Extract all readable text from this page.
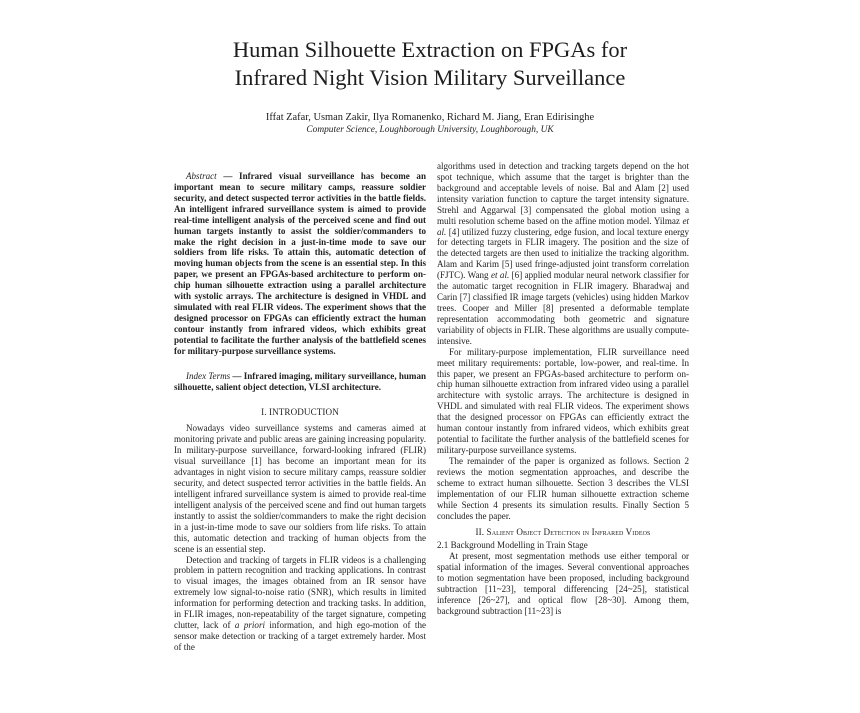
Human Silhouette Extraction on FPGAs for
Infrared Night Vision Military Surveillance
Iffat Zafar, Usman Zakir, Ilya Romanenko, Richard M. Jiang, Eran Edirisinghe
Computer Science, Loughborough University, Loughborough, UK

Abstract — Infrared visual surveillance has become an important mean to secure military camps, reassure soldier security, and detect suspected terror activities in the battle fields. An intelligent infrared surveillance system is aimed to provide real-time intelligent analysis of the perceived scene and find out human targets instantly to assist the soldier/commanders to make the right decision in a just-in-time mode to save our soldiers from life risks. To attain this, automatic detection of moving human objects from the scene is an essential step. In this paper, we present an FPGAs-based architecture to perform on-chip human silhouette extraction using a parallel architecture with systolic arrays. The architecture is designed in VHDL and simulated with real FLIR videos. The experiment shows that the designed processor on FPGAs can efficiently extract the human contour instantly from infrared videos, which exhibits great potential to facilitate the further analysis of the battlefield scenes for military-purpose surveillance systems.

Index Terms — Infrared imaging, military surveillance, human silhouette, salient object detection, VLSI architecture.

I. INTRODUCTION

Nowadays video surveillance systems and cameras aimed at monitoring private and public areas are gaining increasing popularity. In military-purpose surveillance, forward-looking infrared (FLIR) visual surveillance [1] has become an important mean for its advantages in night vision to secure military camps, reassure soldier security, and detect suspected terror activities in the battle fields. An intelligent infrared surveillance system is aimed to provide real-time intelligent analysis of the perceived scene and find out human targets instantly to assist the soldier/commanders to make the right decision in a just-in-time mode to save our soldiers from life risks. To attain this, automatic detection and tracking of human objects from the scene is an essential step.

Detection and tracking of targets in FLIR videos is a challenging problem in pattern recognition and tracking applications. In contrast to visual images, the images obtained from an IR sensor have extremely low signal-to-noise ratio (SNR), which results in limited information for performing detection and tracking tasks. In addition, in FLIR images, non-repeatability of the target signature, competing clutter, lack of a priori information, and high ego-motion of the sensor make detection or tracking of a target extremely harder. Most of the

algorithms used in detection and tracking targets depend on the hot spot technique, which assume that the target is brighter than the background and acceptable levels of noise. Bal and Alam [2] used intensity variation function to capture the target intensity signature. Strehl and Aggarwal [3] compensated the global motion using a multi resolution scheme based on the affine motion model. Yilmaz et al. [4] utilized fuzzy clustering, edge fusion, and local texture energy for detecting targets in FLIR imagery. The position and the size of the detected targets are then used to initialize the tracking algorithm. Alam and Karim [5] used fringe-adjusted joint transform correlation (FJTC). Wang et al. [6] applied modular neural network classifier for the automatic target recognition in FLIR imagery. Bharadwaj and Carin [7] classified IR image targets (vehicles) using hidden Markov trees. Cooper and Miller [8] presented a deformable template representation accommodating both geometric and signature variability of objects in FLIR. These algorithms are usually compute-intensive.

For military-purpose implementation, FLIR surveillance need meet military requirements: portable, low-power, and real-time. In this paper, we present an FPGAs-based architecture to perform on-chip human silhouette extraction from infrared video using a parallel architecture with systolic arrays. The architecture is designed in VHDL and simulated with real FLIR videos. The experiment shows that the designed processor on FPGAs can efficiently extract the human contour instantly from infrared videos, which exhibits great potential to facilitate the further analysis of the battlefield scenes for military-purpose surveillance systems.

The remainder of the paper is organized as follows. Section 2 reviews the motion segmentation approaches, and describe the scheme to extract human silhouette. Section 3 describes the VLSI implementation of our FLIR human silhouette extraction scheme while Section 4 presents its simulation results. Finally Section 5 concludes the paper.

II. Salient Object Detection in Infrared Videos

2.1 Background Modelling in Train Stage

At present, most segmentation methods use either temporal or spatial information of the images. Several conventional approaches to motion segmentation have been proposed, including background subtraction [11~23], temporal differencing [24~25], statistical inference [26~27], and optical flow [28~30]. Among them, background subtraction [11~23] is
